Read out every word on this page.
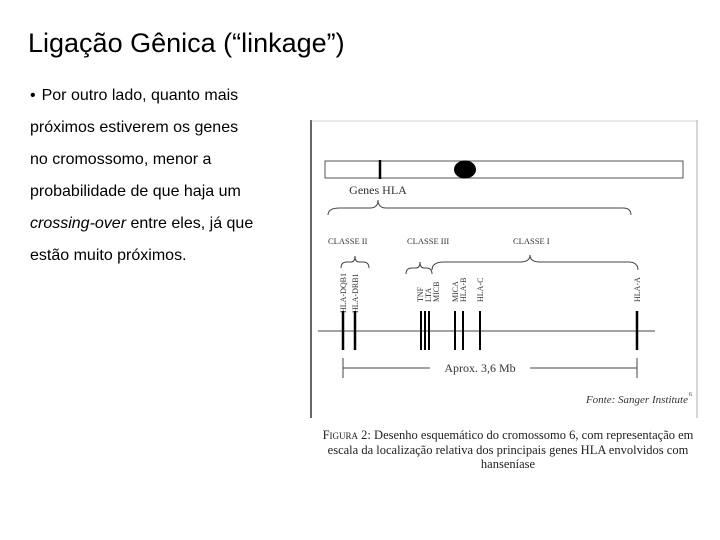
Ligação Gênica (“linkage”)
• Por outro lado, quanto mais
próximos estiverem os genes
no cromossomo, menor a
probabilidade de que haja um
crossing-over entre eles, já que
estão muito próximos.
Genes HLA
CLASSE II	CLASSE III	CLASSE I
HLA-DQB1 HLA-DRB1	TNF LTA MICB MICA HLA-B HLA-C	HLA-A
Aprox. 3,6 Mb
Fonte: Sanger Institute 6
Figura 2: Desenho esquemático do cromossomo 6, com representação em escala da localização relativa dos principais genes HLA envolvidos com hanseníase
